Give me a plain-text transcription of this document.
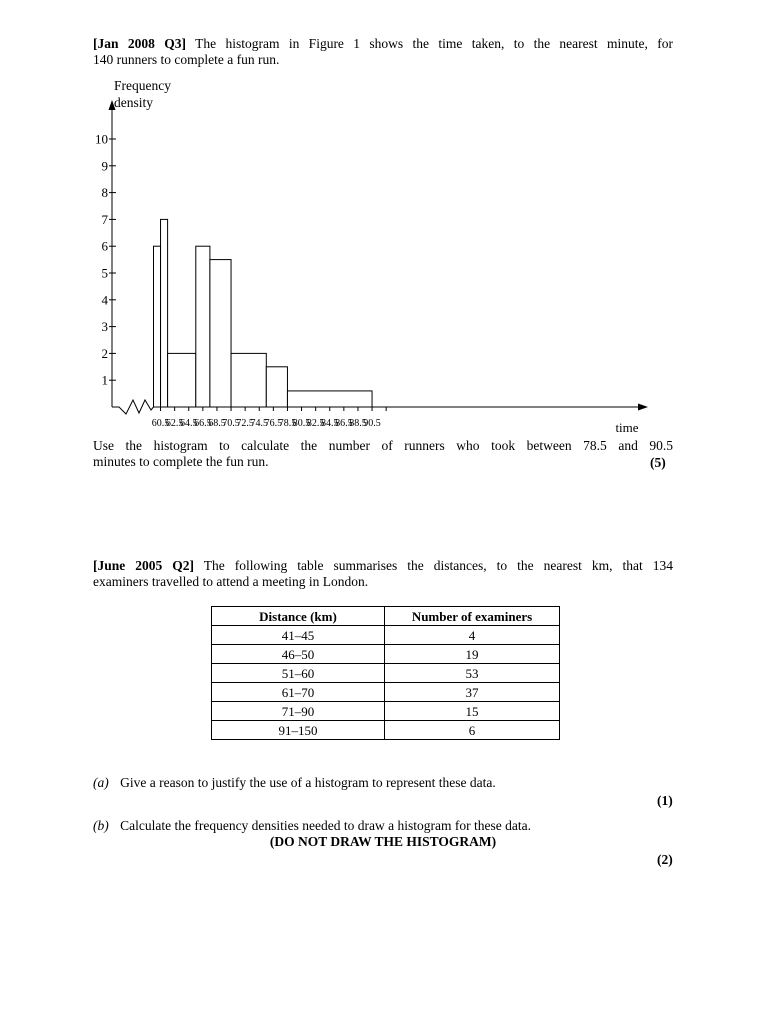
[Jan 2008 Q3] The histogram in Figure 1 shows the time taken, to the nearest minute, for
140 runners to complete a fun run.
Frequency
density
1
2
3
4
5
6
7
8
9
10
60.5
62.5
64.5
66.5
68.5
70.5
72.5
74.5
76.5
78.5
80.5
82.5
84.5
86.5
88.5
90.5	time
Use the histogram to calculate the number of runners who took between 78.5 and 90.5
minutes to complete the fun run.	(5)
[June 2005 Q2] The following table summarises the distances, to the nearest km, that 134
examiners travelled to attend a meeting in London.
Distance (km)	Number of examiners
41–45	4
46–50	19
51–60	53
61–70	37
71–90	15
91–150	6
(a) Give a reason to justify the use of a histogram to represent these data.
(1)
(b) Calculate the frequency densities needed to draw a histogram for these data.
(DO NOT DRAW THE HISTOGRAM)
(2)
